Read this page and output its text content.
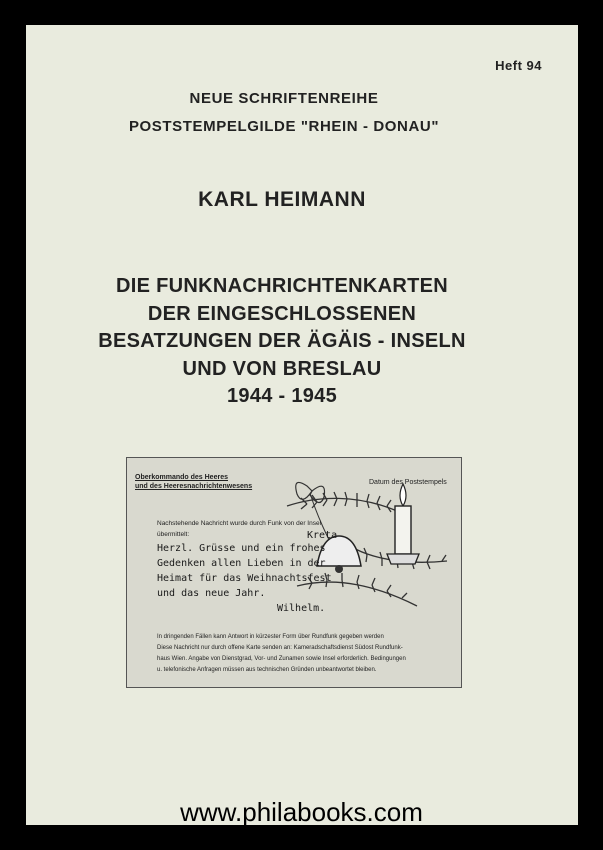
Heft 94
NEUE SCHRIFTENREIHE
POSTSTEMPELGILDE "RHEIN - DONAU"
KARL HEIMANN
DIE FUNKNACHRICHTENKARTEN
DER EINGESCHLOSSENEN
BESATZUNGEN DER ÄGÄIS - INSELN
UND VON BRESLAU
1944 - 1945
Oberkommando des Heeres
und des Heeresnachrichtenwesens
Datum des Poststempels
Nachstehende Nachricht wurde durch Funk von der Insel
übermittelt:	Kreta
Herzl. Grüsse und ein frohes
Gedenken allen Lieben in der
Heimat für das Weihnachtsfest
und das neue Jahr.
Wilhelm.
In dringenden Fällen kann Antwort in kürzester Form über Rundfunk gegeben werden
Diese Nachricht nur durch offene Karte senden an: Kameradschaftsdienst Südost Rundfunk-
haus Wien. Angabe von Dienstgrad, Vor- und Zunamen sowie Insel erforderlich. Bedingungen
u. telefonische Anfragen müssen aus technischen Gründen unbeantwortet bleiben.
www.philabooks.com
